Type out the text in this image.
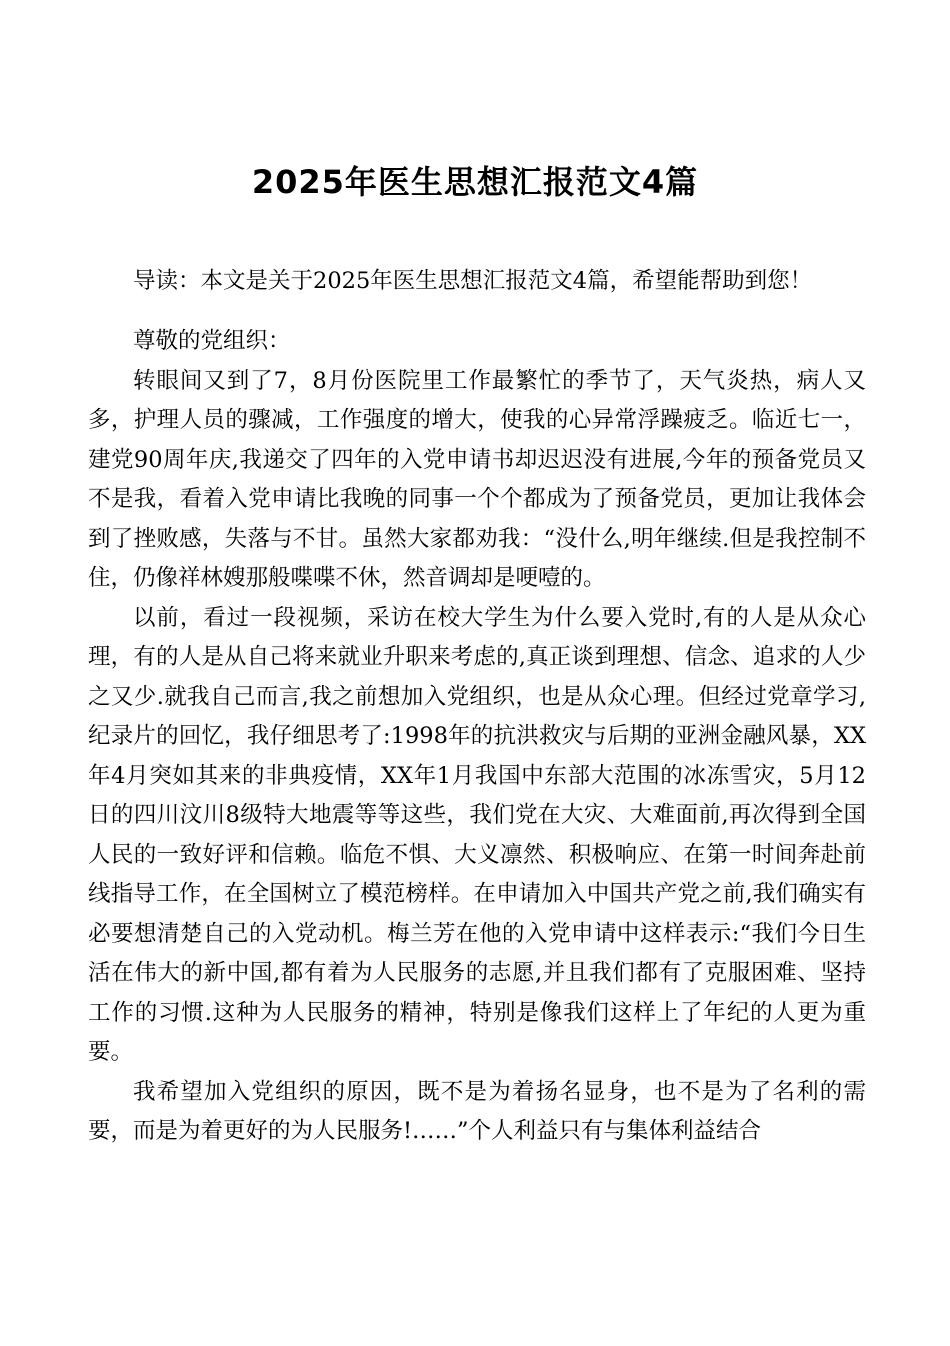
2025年医生思想汇报范文4篇

导读：本文是关于2025年医生思想汇报范文4篇，希望能帮助到您！

尊敬的党组织：

转眼间又到了7，8月份医院里工作最繁忙的季节了，天气炎热，病人又多，护理人员的骤减，工作强度的增大，使我的心异常浮躁疲乏。临近七一，建党90周年庆,我递交了四年的入党申请书却迟迟没有进展,今年的预备党员又不是我，看着入党申请比我晚的同事一个个都成为了预备党员，更加让我体会到了挫败感，失落与不甘。虽然大家都劝我：“没什么,明年继续.但是我控制不住，仍像祥林嫂那般喋喋不休，然音调却是哽噎的。

以前，看过一段视频，采访在校大学生为什么要入党时,有的人是从众心理，有的人是从自己将来就业升职来考虑的,真正谈到理想、信念、追求的人少之又少.就我自己而言,我之前想加入党组织，也是从众心理。但经过党章学习,纪录片的回忆，我仔细思考了:1998年的抗洪救灾与后期的亚洲金融风暴，XX年4月突如其来的非典疫情，XX年1月我国中东部大范围的冰冻雪灾，5月12日的四川汶川8级特大地震等等这些，我们党在大灾、大难面前,再次得到全国人民的一致好评和信赖。临危不惧、大义凛然、积极响应、在第一时间奔赴前线指导工作，在全国树立了模范榜样。在申请加入中国共产党之前,我们确实有必要想清楚自己的入党动机。梅兰芳在他的入党申请中这样表示:“我们今日生活在伟大的新中国,都有着为人民服务的志愿,并且我们都有了克服困难、坚持工作的习惯.这种为人民服务的精神，特别是像我们这样上了年纪的人更为重要。

我希望加入党组织的原因，既不是为着扬名显身，也不是为了名利的需要，而是为着更好的为人民服务!……”个人利益只有与集体利益结合
